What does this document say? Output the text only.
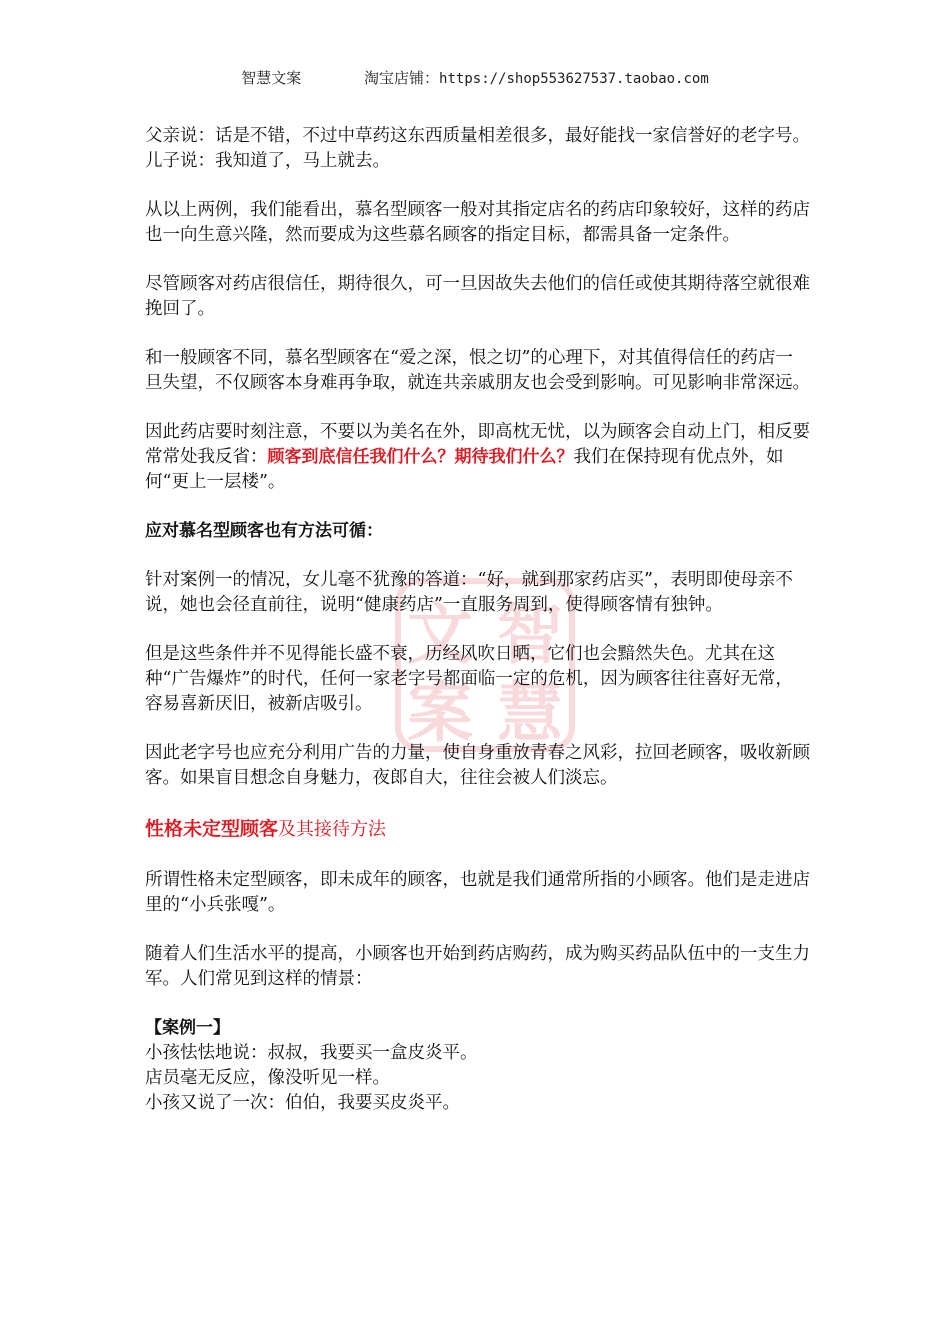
智慧文案	淘宝店铺：https://shop553627537.taobao.com
文 智
慧
案

父亲说：话是不错，不过中草药这东西质量相差很多，最好能找一家信誉好的老字号。

儿子说：我知道了，马上就去。

从以上两例，我们能看出，慕名型顾客一般对其指定店名的药店印象较好，这样的药店也一向生意兴隆，然而要成为这些慕名顾客的指定目标，都需具备一定条件。

尽管顾客对药店很信任，期待很久，可一旦因故失去他们的信任或使其期待落空就很难挽回了。

和一般顾客不同，慕名型顾客在“爱之深，恨之切”的心理下，对其值得信任的药店一旦失望，不仅顾客本身难再争取，就连共亲戚朋友也会受到影响。可见影响非常深远。

因此药店要时刻注意，不要以为美名在外，即高枕无忧，以为顾客会自动上门，相反要常常处我反省：顾客到底信任我们什么？期待我们什么？我们在保持现有优点外，如何“更上一层楼”。

应对慕名型顾客也有方法可循：

针对案例一的情况，女儿毫不犹豫的答道：“好，就到那家药店买”，表明即使母亲不说，她也会径直前往，说明“健康药店”一直服务周到，使得顾客情有独钟。

但是这些条件并不见得能长盛不衰，历经风吹日晒，它们也会黯然失色。尤其在这种“广告爆炸”的时代，任何一家老字号都面临一定的危机，因为顾客往往喜好无常，容易喜新厌旧，被新店吸引。

因此老字号也应充分利用广告的力量，使自身重放青春之风彩，拉回老顾客，吸收新顾客。如果盲目想念自身魅力，夜郎自大，往往会被人们淡忘。

性格未定型顾客及其接待方法

所谓性格未定型顾客，即未成年的顾客，也就是我们通常所指的小顾客。他们是走进店里的“小兵张嘎”。

随着人们生活水平的提高，小顾客也开始到药店购药，成为购买药品队伍中的一支生力军。人们常见到这样的情景：

【案例一】

小孩怯怯地说：叔叔，我要买一盒皮炎平。

店员毫无反应，像没听见一样。

小孩又说了一次：伯伯，我要买皮炎平。
